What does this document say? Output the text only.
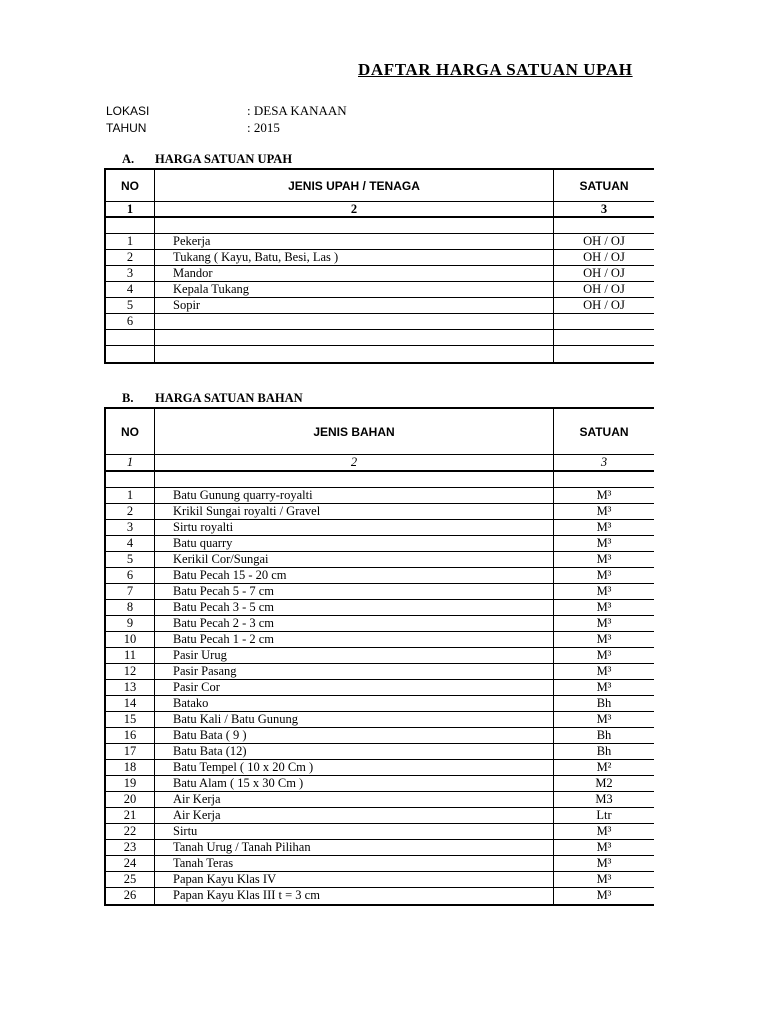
DAFTAR HARGA SATUAN UPAH
LOKASI	: DESA KANAAN
TAHUN	: 2015
A. HARGA SATUAN UPAH
NO	JENIS UPAH / TENAGA	SATUAN
1	2	3
1	Pekerja	OH / OJ
2	Tukang ( Kayu, Batu, Besi, Las )	OH / OJ
3	Mandor	OH / OJ
4	Kepala Tukang	OH / OJ
5	Sopir	OH / OJ
6
B. HARGA SATUAN BAHAN
NO	JENIS BAHAN	SATUAN
1	2	3
1	Batu Gunung quarry-royalti	M³
2	Krikil Sungai royalti / Gravel	M³
3	Sirtu royalti	M³
4	Batu quarry	M³
5	Kerikil Cor/Sungai	M³
6	Batu Pecah 15 - 20 cm	M³
7	Batu Pecah 5 - 7 cm	M³
8	Batu Pecah 3 - 5 cm	M³
9	Batu Pecah 2 - 3 cm	M³
10	Batu Pecah 1 - 2 cm	M³
11	Pasir Urug	M³
12	Pasir Pasang	M³
13	Pasir Cor	M³
14	Batako	Bh
15	Batu Kali / Batu Gunung	M³
16	Batu Bata ( 9 )	Bh
17	Batu Bata (12)	Bh
18	Batu Tempel ( 10 x 20 Cm )	M²
19	Batu Alam ( 15 x 30 Cm )	M2
20	Air Kerja	M3
21	Air Kerja	Ltr
22	Sirtu	M³
23	Tanah Urug / Tanah Pilihan	M³
24	Tanah Teras	M³
25	Papan Kayu Klas IV	M³
26	Papan Kayu Klas III t = 3 cm	M³
